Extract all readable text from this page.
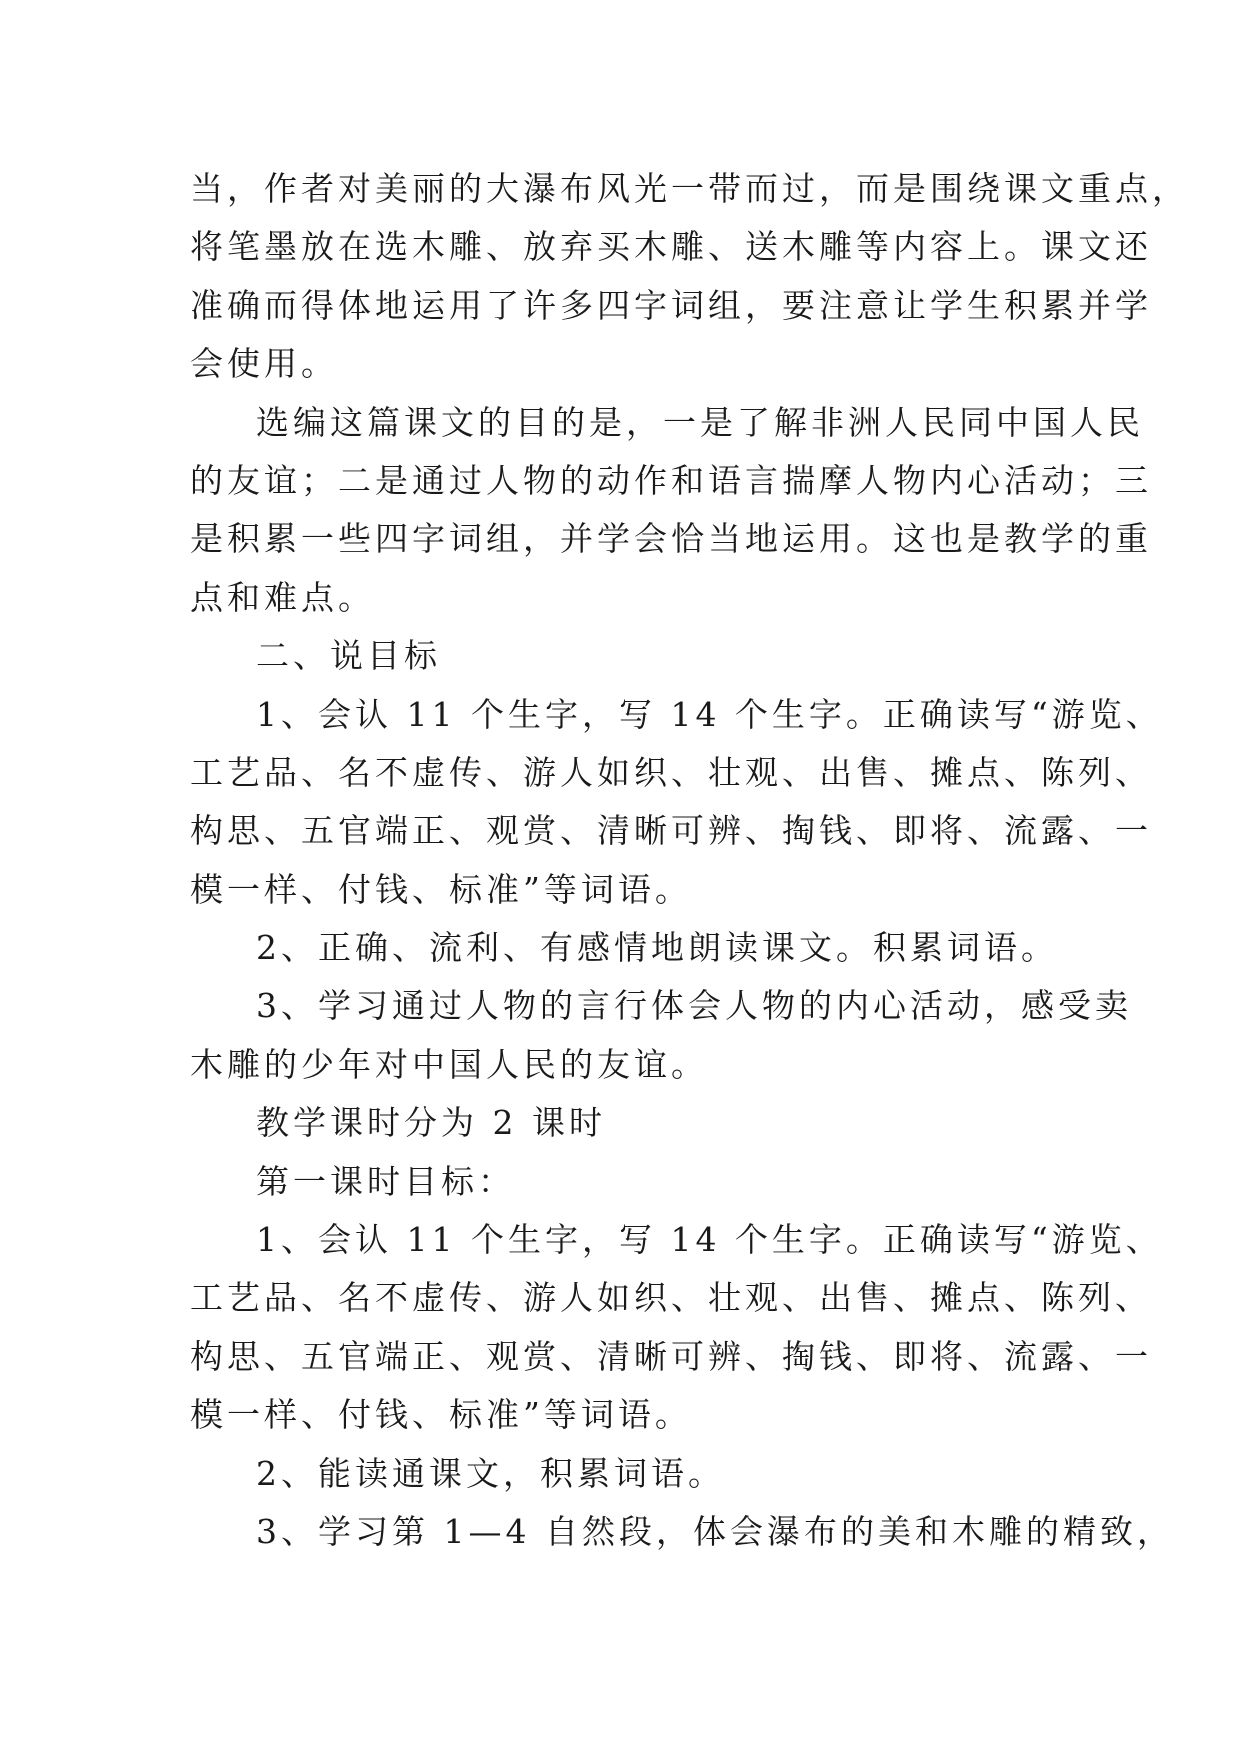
当，作者对美丽的大瀑布风光一带而过，而是围绕课文重点，
将笔墨放在选木雕、放弃买木雕、送木雕等内容上。课文还
准确而得体地运用了许多四字词组，要注意让学生积累并学
会使用。
选编这篇课文的目的是，一是了解非洲人民同中国人民
的友谊；二是通过人物的动作和语言揣摩人物内心活动；三
是积累一些四字词组，并学会恰当地运用。这也是教学的重
点和难点。
二、说目标
1、会认 11 个生字，写 14 个生字。正确读写“游览、
工艺品、名不虚传、游人如织、壮观、出售、摊点、陈列、
构思、五官端正、观赏、清晰可辨、掏钱、即将、流露、一
模一样、付钱、标准”等词语。
2、正确、流利、有感情地朗读课文。积累词语。
3、学习通过人物的言行体会人物的内心活动，感受卖
木雕的少年对中国人民的友谊。
教学课时分为 2 课时
第一课时目标：
1、会认 11 个生字，写 14 个生字。正确读写“游览、
工艺品、名不虚传、游人如织、壮观、出售、摊点、陈列、
构思、五官端正、观赏、清晰可辨、掏钱、即将、流露、一
模一样、付钱、标准”等词语。
2、能读通课文，积累词语。
3、学习第 1—4 自然段，体会瀑布的美和木雕的精致，
